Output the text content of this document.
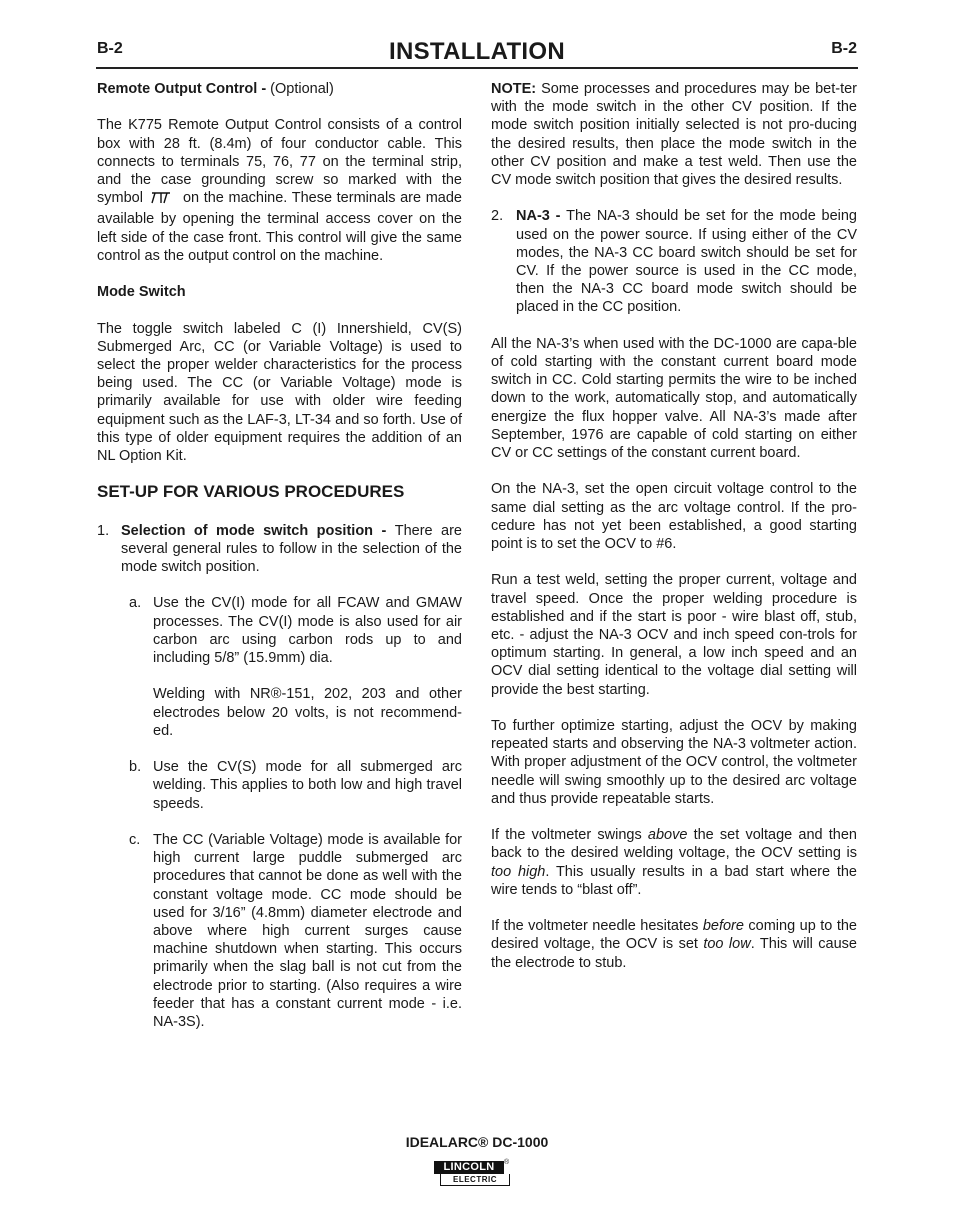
B-2	INSTALLATION	B-2

Remote Output Control - (Optional)

The K775 Remote Output Control consists of a control box with 28 ft. (8.4m) of four conductor cable. This connects to terminals 75, 76, 77 on the terminal strip, and the case grounding screw so marked with the symbol	on the machine. These terminals are made available by opening the terminal access cover on the left side of the case front. This control will give the same control as the output control on the machine.

Mode Switch

The toggle switch labeled C (I) Innershield, CV(S) Submerged Arc, CC (or Variable Voltage) is used to select the proper welder characteristics for the process being used. The CC (or Variable Voltage) mode is primarily available for use with older wire feeding equipment such as the LAF-3, LT-34 and so forth. Use of this type of older equipment requires the addition of an NL Option Kit.

SET-UP FOR VARIOUS PROCEDURES

1. Selection of mode switch position - There are several general rules to follow in the selection of the mode switch position.

a. Use the CV(I) mode for all FCAW and GMAW processes. The CV(I) mode is also used for air carbon arc using carbon rods up to and including 5/8” (15.9mm) dia.

Welding with NR®-151, 202, 203 and other electrodes below 20 volts, is not recommend-ed.

b. Use the CV(S) mode for all submerged arc welding. This applies to both low and high travel speeds.

c. The CC (Variable Voltage) mode is available for high current large puddle submerged arc procedures that cannot be done as well with the constant voltage mode. CC mode should be used for 3/16” (4.8mm) diameter electrode and above where high current surges cause machine shutdown when starting. This occurs primarily when the slag ball is not cut from the electrode prior to starting. (Also requires a wire feeder that has a constant current mode - i.e. NA-3S).

NOTE: Some processes and procedures may be bet-ter with the mode switch in the other CV position. If the mode switch position initially selected is not pro-ducing the desired results, then place the mode switch in the other CV position and make a test weld. Then use the CV mode switch position that gives the desired results.

2. NA-3 - The NA-3 should be set for the mode being used on the power source. If using either of the CV modes, the NA-3 CC board switch should be set for CV. If the power source is used in the CC mode, then the NA-3 CC board mode switch should be placed in the CC position.

All the NA-3’s when used with the DC-1000 are capa-ble of cold starting with the constant current board mode switch in CC. Cold starting permits the wire to be inched down to the work, automatically stop, and automatically energize the flux hopper valve. All NA-3’s made after September, 1976 are capable of cold starting on either CV or CC settings of the constant current board.

On the NA-3, set the open circuit voltage control to the same dial setting as the arc voltage control. If the pro-cedure has not yet been established, a good starting point is to set the OCV to #6.

Run a test weld, setting the proper current, voltage and travel speed. Once the proper welding procedure is established and if the start is poor - wire blast off, stub, etc. - adjust the NA-3 OCV and inch speed con-trols for optimum starting. In general, a low inch speed and an OCV dial setting identical to the voltage dial setting will provide the best starting.

To further optimize starting, adjust the OCV by making repeated starts and observing the NA-3 voltmeter action. With proper adjustment of the OCV control, the voltmeter needle will swing smoothly up to the desired arc voltage and thus provide repeatable starts.

If the voltmeter swings above the set voltage and then back to the desired welding voltage, the OCV setting is too high. This usually results in a bad start where the wire tends to “blast off”.

If the voltmeter needle hesitates before coming up to the desired voltage, the OCV is set too low. This will cause the electrode to stub.

IDEALARC® DC-1000
LINCOLN	®
ELECTRIC
